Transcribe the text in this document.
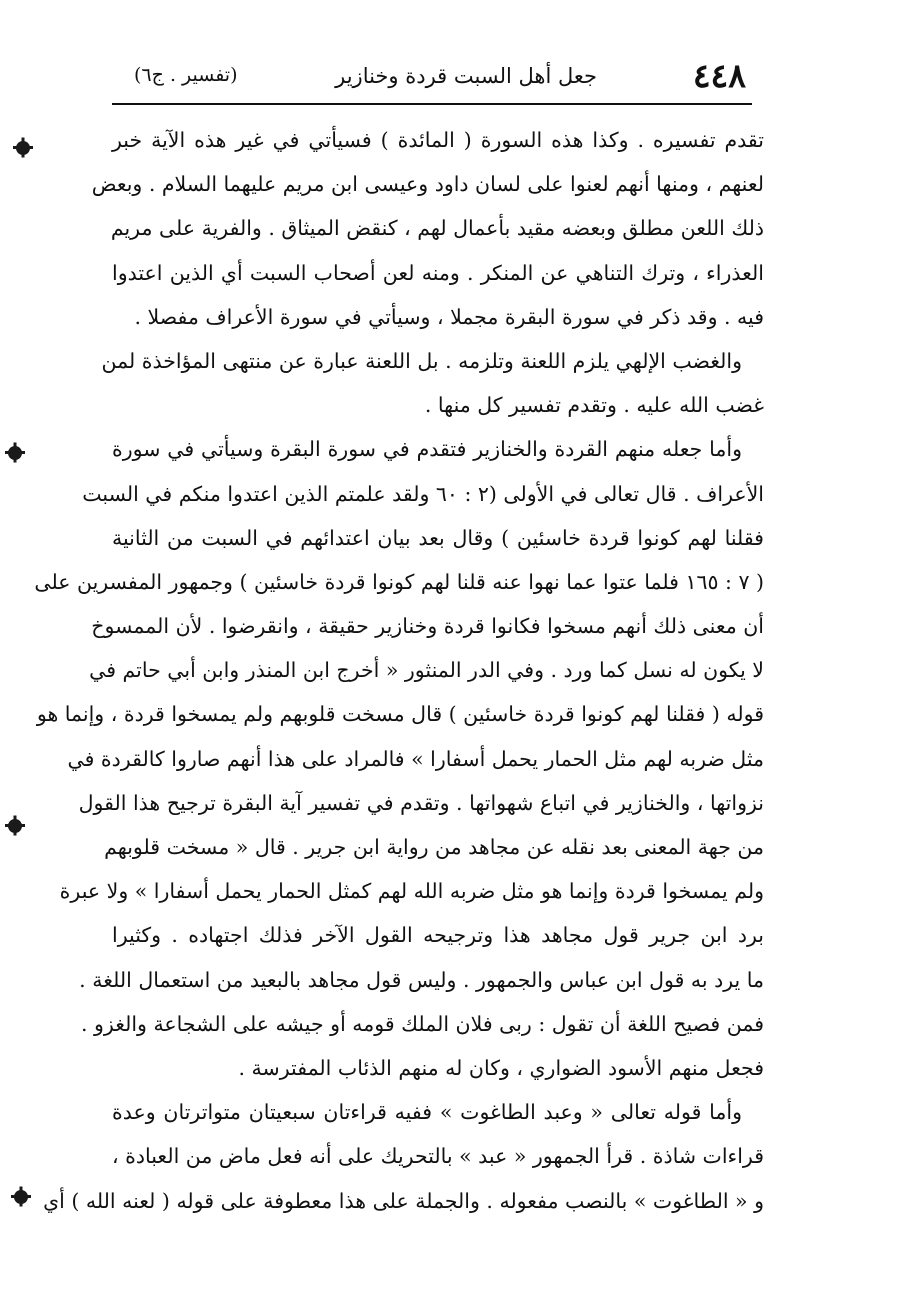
٤٤٨
جعل أهل السبت قردة وخنازير
(تفسير . ج٦)
تقدم تفسيره . وكذا هذه السورة ( المائدة ) فسيأتي في غير هذه الآية خبر
لعنهم ، ومنها أنهم لعنوا على لسان داود وعيسى ابن مريم عليهما السلام . وبعض
ذلك اللعن مطلق وبعضه مقيد بأعمال لهم ، كنقض الميثاق . والفرية على مريم
العذراء ، وترك التناهي عن المنكر . ومنه لعن أصحاب السبت أي الذين اعتدوا
فيه . وقد ذكر في سورة البقرة مجملا ، وسيأتي في سورة الأعراف مفصلا .
والغضب الإلهي يلزم اللعنة وتلزمه . بل اللعنة عبارة عن منتهى المؤاخذة لمن
غضب الله عليه . وتقدم تفسير كل منها .
وأما جعله منهم القردة والخنازير فتقدم في سورة البقرة وسيأتي في سورة
الأعراف . قال تعالى في الأولى (٢ : ٦٠ ولقد علمتم الذين اعتدوا منكم في السبت
فقلنا لهم كونوا قردة خاسئين ) وقال بعد بيان اعتدائهم في السبت من الثانية
( ٧ : ١٦٥ فلما عتوا عما نهوا عنه قلنا لهم كونوا قردة خاسئين ) وجمهور المفسرين على
أن معنى ذلك أنهم مسخوا فكانوا قردة وخنازير حقيقة ، وانقرضوا . لأن الممسوخ
لا يكون له نسل كما ورد . وفي الدر المنثور « أخرج ابن المنذر وابن أبي حاتم في
قوله ( فقلنا لهم كونوا قردة خاسئين ) قال مسخت قلوبهم ولم يمسخوا قردة ، وإنما هو
مثل ضربه لهم مثل الحمار يحمل أسفارا » فالمراد على هذا أنهم صاروا كالقردة في
نزواتها ، والخنازير في اتباع شهواتها . وتقدم في تفسير آية البقرة ترجيح هذا القول
من جهة المعنى بعد نقله عن مجاهد من رواية ابن جرير . قال « مسخت قلوبهم
ولم يمسخوا قردة وإنما هو مثل ضربه الله لهم كمثل الحمار يحمل أسفارا » ولا عبرة
برد ابن جرير قول مجاهد هذا وترجيحه القول الآخر فذلك اجتهاده . وكثيرا
ما يرد به قول ابن عباس والجمهور . وليس قول مجاهد بالبعيد من استعمال اللغة .
فمن فصيح اللغة أن تقول : ربى فلان الملك قومه أو جيشه على الشجاعة والغزو .
فجعل منهم الأسود الضواري ، وكان له منهم الذئاب المفترسة .
وأما قوله تعالى « وعبد الطاغوت » ففيه قراءتان سبعيتان متواترتان وعدة
قراءات شاذة . قرأ الجمهور « عبد » بالتحريك على أنه فعل ماض من العبادة ،
و « الطاغوت » بالنصب مفعوله . والجملة على هذا معطوفة على قوله ( لعنه الله ) أي
